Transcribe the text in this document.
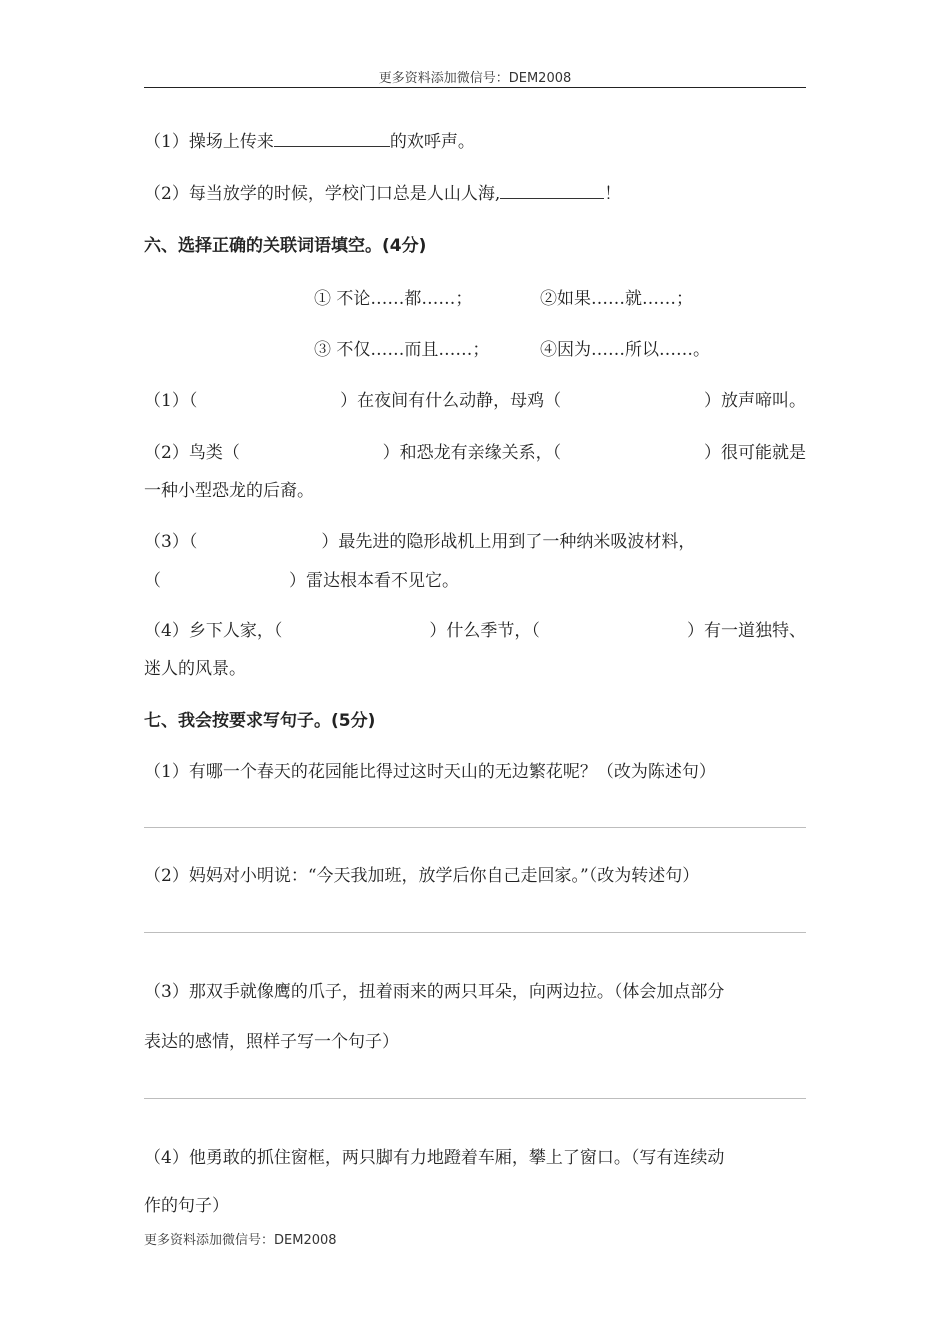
更多资料添加微信号：DEM2008
（1）操场上传来	的欢呼声。
（2）每当放学的时候，学校门口总是人山人海,	！
六、选择正确的关联词语填空。(4分)
① 不论……都……；	②如果……就……；
③ 不仅……而且……；	④因为……所以……。
（1）（	）在夜间有什么动静，母鸡（	）放声啼叫。
（2）鸟类（	）和恐龙有亲缘关系，（	）很可能就是
一种小型恐龙的后裔。
（3）（	）最先进的隐形战机上用到了一种纳米吸波材料，
（	）雷达根本看不见它。
（4）乡下人家，（	）什么季节，（	）有一道独特、
迷人的风景。
七、我会按要求写句子。(5分)
（1）有哪一个春天的花园能比得过这时天山的无边繁花呢？（改为陈述句）
（2）妈妈对小明说：“今天我加班，放学后你自己走回家。”（改为转述句）
（3）那双手就像鹰的爪子，扭着雨来的两只耳朵，向两边拉。（体会加点部分
表达的感情，照样子写一个句子）
（4）他勇敢的抓住窗框，两只脚有力地蹬着车厢，攀上了窗口。（写有连续动
作的句子）
更多资料添加微信号：DEM2008
